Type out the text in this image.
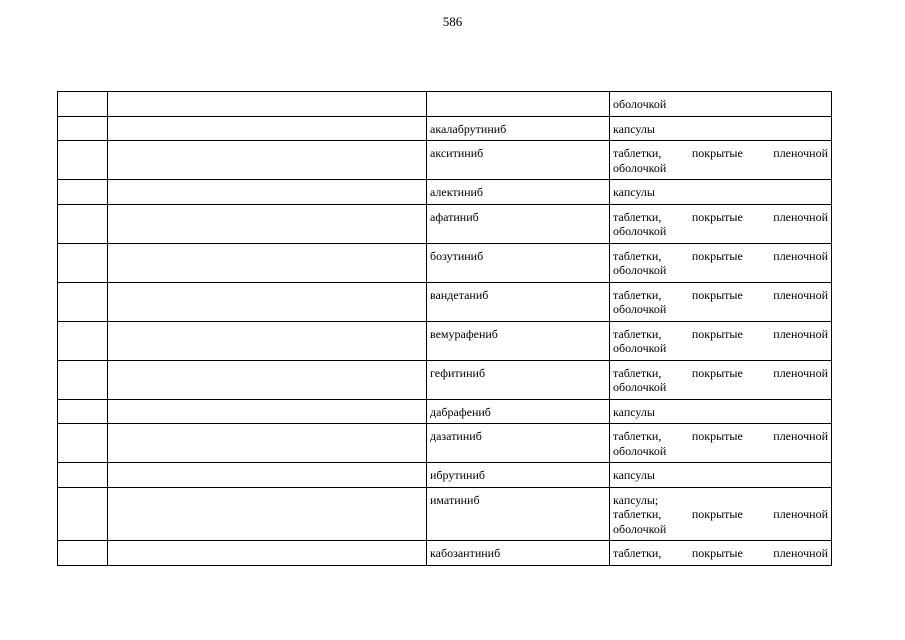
586

			оболочкой

		акалабрутиниб	капсулы

		акситиниб	таблетки, покрытые пленочной
оболочкой

		алектиниб	капсулы

		афатиниб	таблетки, покрытые пленочной
оболочкой

		бозутиниб	таблетки, покрытые пленочной
оболочкой

		вандетаниб	таблетки, покрытые пленочной
оболочкой

		вемурафениб	таблетки, покрытые пленочной
оболочкой

		гефитиниб	таблетки, покрытые пленочной
оболочкой

		дабрафениб	капсулы

		дазатиниб	таблетки, покрытые пленочной
оболочкой

		ибрутиниб	капсулы

		иматиниб	капсулы;
таблетки, покрытые пленочной
оболочкой

		кабозантиниб	таблетки, покрытые пленочной
